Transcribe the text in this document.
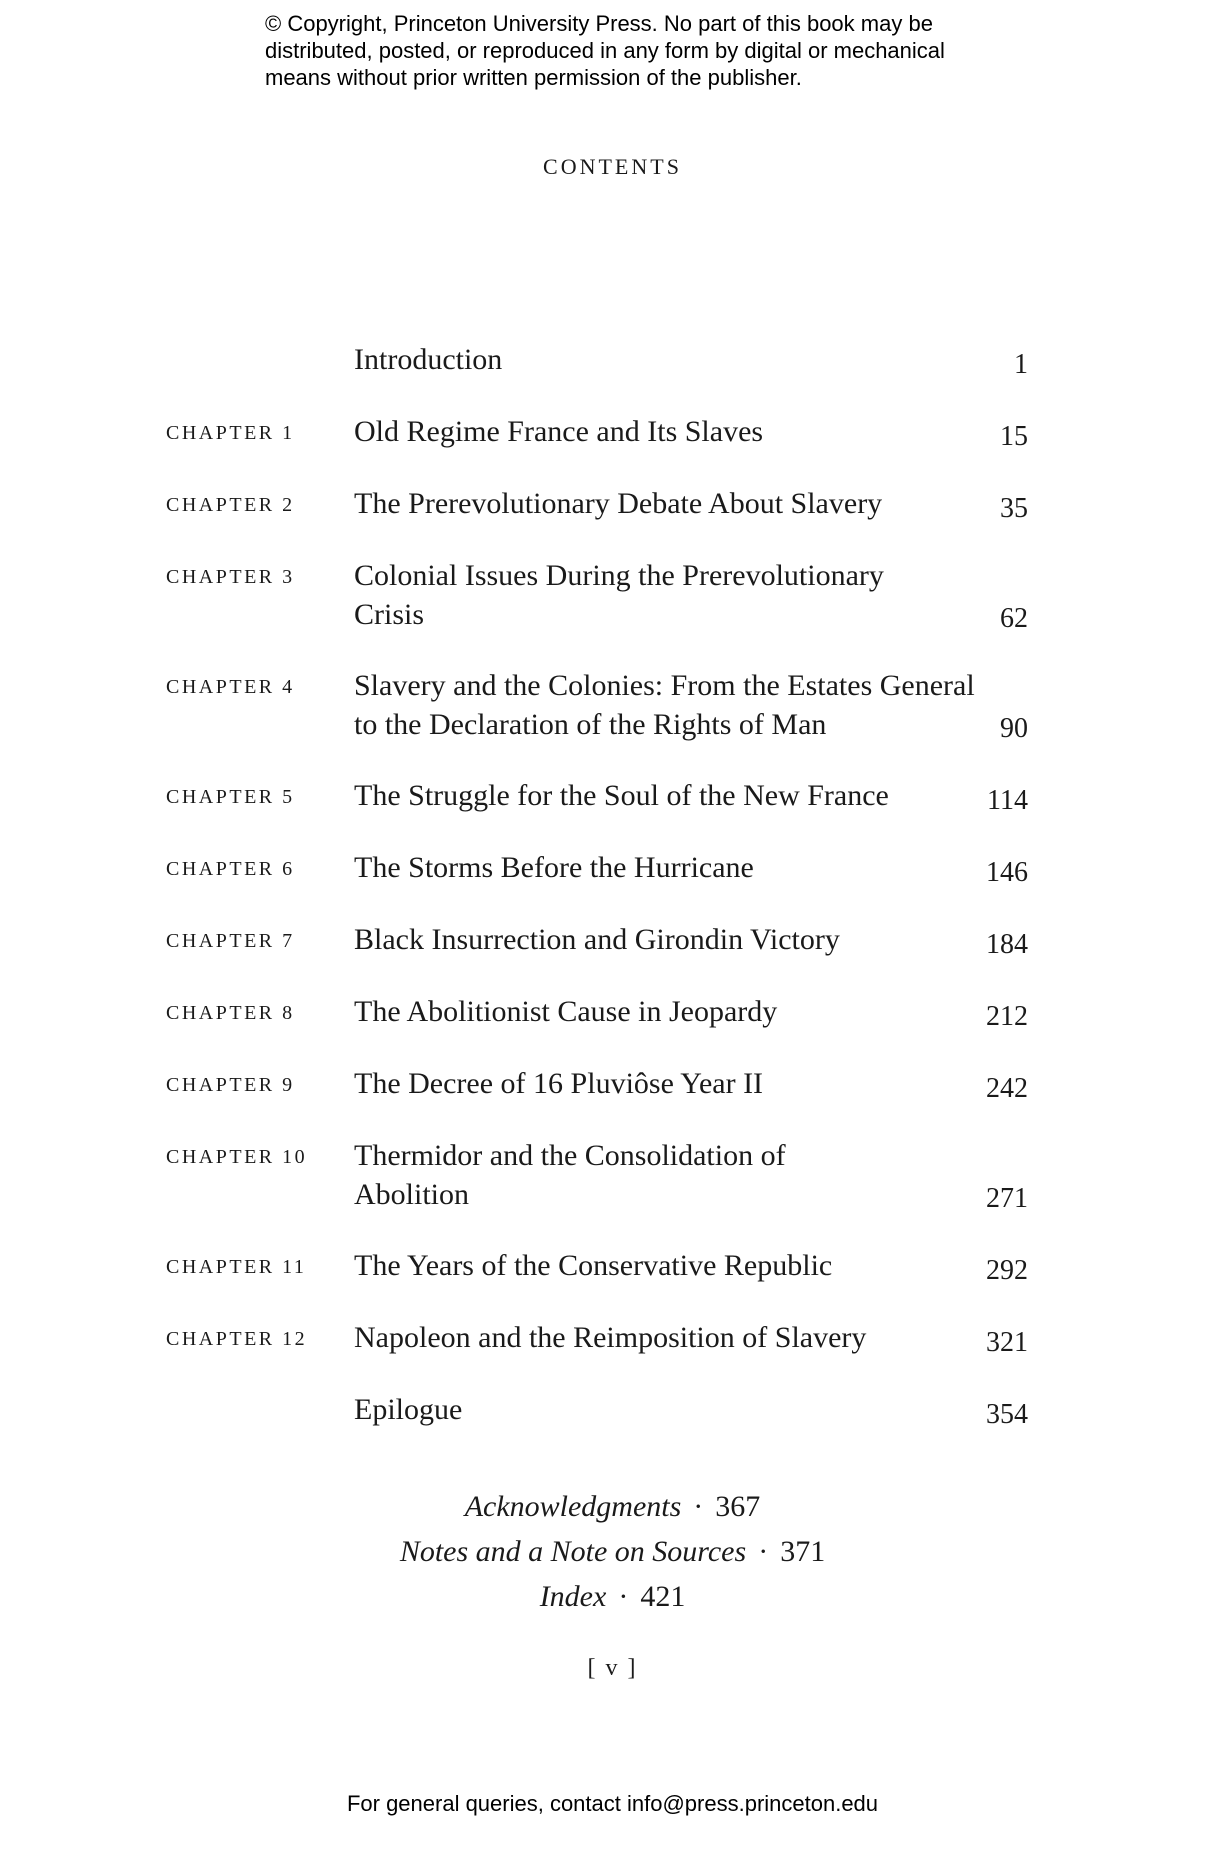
© Copyright, Princeton University Press. No part of this book may be
distributed, posted, or reproduced in any form by digital or mechanical
means without prior written permission of the publisher.
CONTENTS
Introduction	1
CHAPTER 1 Old Regime France and Its Slaves	15
CHAPTER 2 The Prerevolutionary Debate About Slavery	35
CHAPTER 3 Colonial Issues During the Prerevolutionary Crisis	62
CHAPTER 4 Slavery and the Colonies: From the Estates General to the Declaration of the Rights of Man	90
CHAPTER 5 The Struggle for the Soul of the New France	114
CHAPTER 6 The Storms Before the Hurricane	146
CHAPTER 7 Black Insurrection and Girondin Victory	184
CHAPTER 8 The Abolitionist Cause in Jeopardy	212
CHAPTER 9 The Decree of 16 Pluviôse Year II	242
CHAPTER 10 Thermidor and the Consolidation of Abolition	271
CHAPTER 11 The Years of the Conservative Republic	292
CHAPTER 12 Napoleon and the Reimposition of Slavery	321
Epilogue	354
Acknowledgments · 367
Notes and a Note on Sources · 371
Index · 421
[ v ]
For general queries, contact info@press.princeton.edu
